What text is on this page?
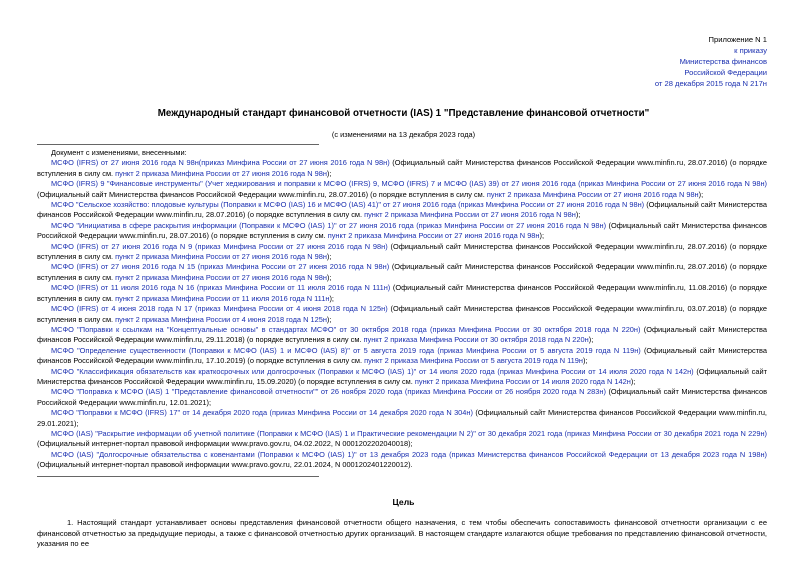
Приложение N 1
к приказу
Министерства финансов
Российской Федерации
от 28 декабря 2015 года N 217н
Международный стандарт финансовой отчетности (IAS) 1 "Представление финансовой отчетности"
(с изменениями на 13 декабря 2023 года)
Документ с изменениями, внесенными:

МСФО (IFRS) от 27 июня 2016 года N 98н(приказ Минфина России от 27 июня 2016 года N 98н) (Официальный сайт Министерства финансов Российской Федерации www.minfin.ru, 28.07.2016) (о порядке вступления в силу см. пункт 2 приказа Минфина России от 27 июня 2016 года N 98н);

МСФО (IFRS) 9 "Финансовые инструменты" (Учет хеджирования и поправки к МСФО (IFRS) 9, МСФО (IFRS) 7 и МСФО (IAS) 39) от 27 июня 2016 года (приказ Минфина России от 27 июня 2016 года N 98н) (Официальный сайт Министерства финансов Российской Федерации www.minfin.ru, 28.07.2016) (о порядке вступления в силу см. пункт 2 приказа Минфина России от 27 июня 2016 года N 98н);

МСФО "Сельское хозяйство: плодовые культуры (Поправки к МСФО (IAS) 16 и МСФО (IAS) 41)" от 27 июня 2016 года (приказ Минфина России от 27 июня 2016 года N 98н) (Официальный сайт Министерства финансов Российской Федерации www.minfin.ru, 28.07.2016) (о порядке вступления в силу см. пункт 2 приказа Минфина России от 27 июня 2016 года N 98н);

МСФО "Инициатива в сфере раскрытия информации (Поправки к МСФО (IAS) 1)" от 27 июня 2016 года (приказ Минфина России от 27 июня 2016 года N 98н) (Официальный сайт Министерства финансов Российской Федерации www.minfin.ru, 28.07.2016) (о порядке вступления в силу см. пункт 2 приказа Минфина России от 27 июня 2016 года N 98н);

МСФО (IFRS) от 27 июня 2016 года N 9 (приказ Минфина России от 27 июня 2016 года N 98н) (Официальный сайт Министерства финансов Российской Федерации www.minfin.ru, 28.07.2016) (о порядке вступления в силу см. пункт 2 приказа Минфина России от 27 июня 2016 года N 98н);

МСФО (IFRS) от 27 июня 2016 года N 15 (приказ Минфина России от 27 июня 2016 года N 98н) (Официальный сайт Министерства финансов Российской Федерации www.minfin.ru, 28.07.2016) (о порядке вступления в силу см. пункт 2 приказа Минфина России от 27 июня 2016 года N 98н);

МСФО (IFRS) от 11 июля 2016 года N 16 (приказ Минфина России от 11 июля 2016 года N 111н) (Официальный сайт Министерства финансов Российской Федерации www.minfin.ru, 11.08.2016) (о порядке вступления в силу см. пункт 2 приказа Минфина России от 11 июля 2016 года N 111н);

МСФО (IFRS) от 4 июня 2018 года N 17 (приказ Минфина России от 4 июня 2018 года N 125н) (Официальный сайт Министерства финансов Российской Федерации www.minfin.ru, 03.07.2018) (о порядке вступления в силу см. пункт 2 приказа Минфина России от 4 июня 2018 года N 125н);

МСФО "Поправки к ссылкам на "Концептуальные основы" в стандартах МСФО" от 30 октября 2018 года (приказ Минфина России от 30 октября 2018 года N 220н) (Официальный сайт Министерства финансов Российской Федерации www.minfin.ru, 29.11.2018) (о порядке вступления в силу см. пункт 2 приказа Минфина России от 30 октября 2018 года N 220н);

МСФО "Определение существенности (Поправки к МСФО (IAS) 1 и МСФО (IAS) 8)" от 5 августа 2019 года (приказ Минфина России от 5 августа 2019 года N 119н) (Официальный сайт Министерства финансов Российской Федерации www.minfin.ru, 17.10.2019) (о порядке вступления в силу см. пункт 2 приказа Минфина России от 5 августа 2019 года N 119н);

МСФО "Классификация обязательств как краткосрочных или долгосрочных (Поправки к МСФО (IAS) 1)" от 14 июля 2020 года (приказ Минфина России от 14 июля 2020 года N 142н) (Официальный сайт Министерства финансов Российской Федерации www.minfin.ru, 15.09.2020) (о порядке вступления в силу см. пункт 2 приказа Минфина России от 14 июля 2020 года N 142н);

МСФО "Поправка к МСФО (IAS) 1 "Представление финансовой отчетности"" от 26 ноября 2020 года (приказ Минфина России от 26 ноября 2020 года N 283н) (Официальный сайт Министерства финансов Российской Федерации www.minfin.ru, 12.01.2021);

МСФО "Поправки к МСФО (IFRS) 17" от 14 декабря 2020 года (приказ Минфина России от 14 декабря 2020 года N 304н) (Официальный сайт Министерства финансов Российской Федерации www.minfin.ru, 29.01.2021);

МСФО (IAS) "Раскрытие информации об учетной политике (Поправки к МСФО (IAS) 1 и Практические рекомендации N 2)" от 30 декабря 2021 года (приказ Минфина России от 30 декабря 2021 года N 229н) (Официальный интернет-портал правовой информации www.pravo.gov.ru, 04.02.2022, N 0001202202040018);

МСФО (IAS) "Долгосрочные обязательства с ковенантами (Поправки к МСФО (IAS) 1)" от 13 декабря 2023 года (приказ Министерства финансов Российской Федерации от 13 декабря 2023 года N 198н) (Официальный интернет-портал правовой информации www.pravo.gov.ru, 22.01.2024, N 0001202401220012).

Цель

1. Настоящий стандарт устанавливает основы представления финансовой отчетности общего назначения, с тем чтобы обеспечить сопоставимость финансовой отчетности организации с ее финансовой отчетностью за предыдущие периоды, а также с финансовой отчетностью других организаций. В настоящем стандарте излагаются общие требования по представлению финансовой отчетности, указания по ее
